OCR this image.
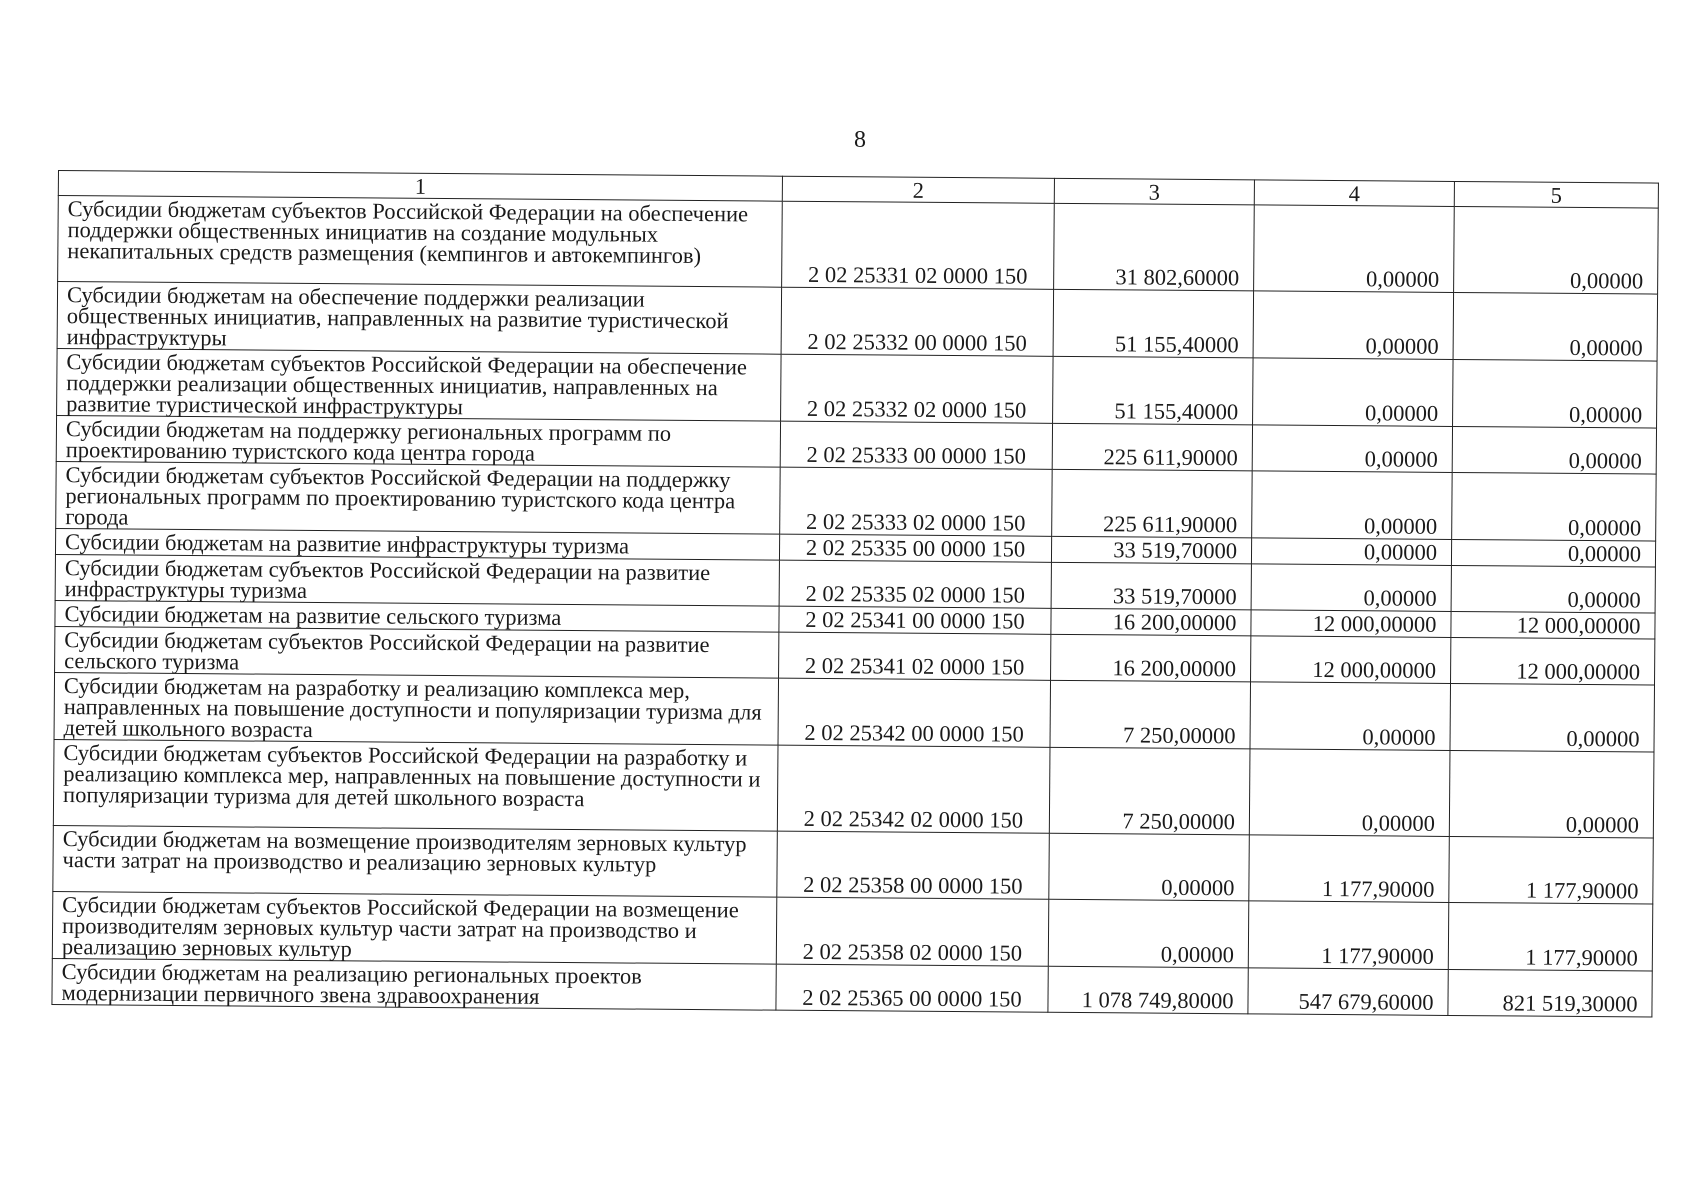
8
1	2	3	4	5
Субсидии бюджетам субъектов Российской Федерации на обеспечение поддержки общественных инициатив на создание модульных некапитальных средств размещения (кемпингов и автокемпингов)	2 02 25331 02 0000 150	31 802,60000	0,00000	0,00000
Субсидии бюджетам на обеспечение поддержки реализации общественных инициатив, направленных на развитие туристической инфраструктуры	2 02 25332 00 0000 150	51 155,40000	0,00000	0,00000
Субсидии бюджетам субъектов Российской Федерации на обеспечение поддержки реализации общественных инициатив, направленных на развитие туристической инфраструктуры	2 02 25332 02 0000 150	51 155,40000	0,00000	0,00000
Субсидии бюджетам на поддержку региональных программ по проектированию туристского кода центра города	2 02 25333 00 0000 150	225 611,90000	0,00000	0,00000
Субсидии бюджетам субъектов Российской Федерации на поддержку региональных программ по проектированию туристского кода центра города	2 02 25333 02 0000 150	225 611,90000	0,00000	0,00000
Субсидии бюджетам на развитие инфраструктуры туризма	2 02 25335 00 0000 150	33 519,70000	0,00000	0,00000
Субсидии бюджетам субъектов Российской Федерации на развитие инфраструктуры туризма	2 02 25335 02 0000 150	33 519,70000	0,00000	0,00000
Субсидии бюджетам на развитие сельского туризма	2 02 25341 00 0000 150	16 200,00000	12 000,00000	12 000,00000
Субсидии бюджетам субъектов Российской Федерации на развитие сельского туризма	2 02 25341 02 0000 150	16 200,00000	12 000,00000	12 000,00000
Субсидии бюджетам на разработку и реализацию комплекса мер, направленных на повышение доступности и популяризации туризма для детей школьного возраста	2 02 25342 00 0000 150	7 250,00000	0,00000	0,00000
Субсидии бюджетам субъектов Российской Федерации на разработку и реализацию комплекса мер, направленных на повышение доступности и популяризации туризма для детей школьного возраста	2 02 25342 02 0000 150	7 250,00000	0,00000	0,00000
Субсидии бюджетам на возмещение производителям зерновых культур части затрат на производство и реализацию зерновых культур	2 02 25358 00 0000 150	0,00000	1 177,90000	1 177,90000
Субсидии бюджетам субъектов Российской Федерации на возмещение производителям зерновых культур части затрат на производство и реализацию зерновых культур	2 02 25358 02 0000 150	0,00000	1 177,90000	1 177,90000
Субсидии бюджетам на реализацию региональных проектов модернизации первичного звена здравоохранения	2 02 25365 00 0000 150	1 078 749,80000	547 679,60000	821 519,30000
